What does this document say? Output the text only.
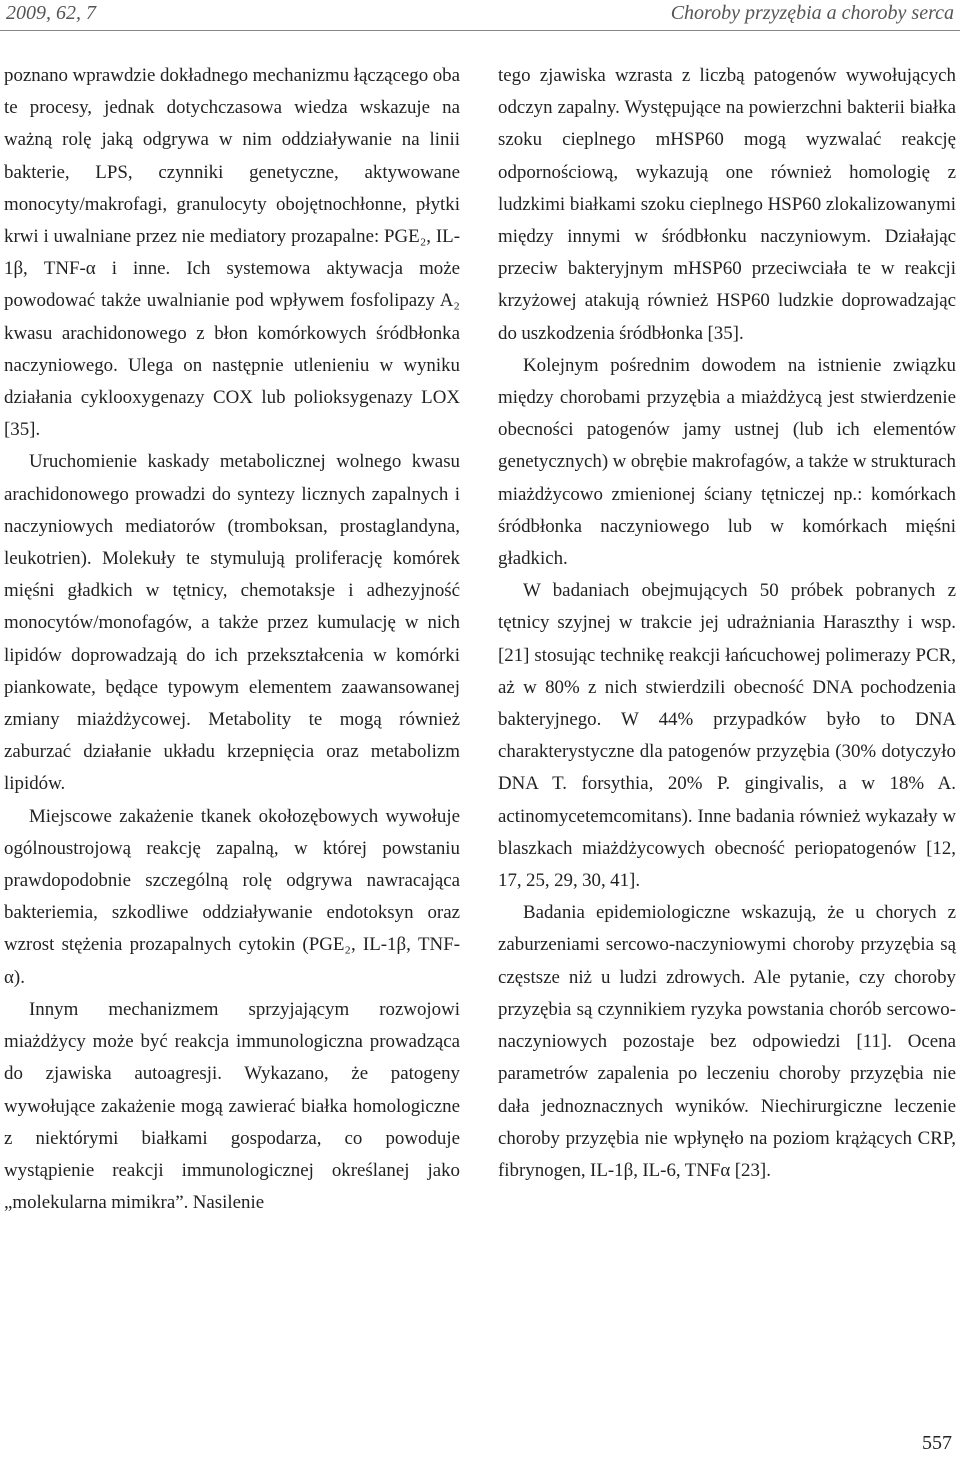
2009, 62, 7	Choroby przyzębia a choroby serca

poznano wprawdzie dokładnego mechanizmu łączącego oba te procesy, jednak dotychczasowa wiedza wskazuje na ważną rolę jaką odgrywa w nim oddziaływanie na linii bakterie, LPS, czynniki genetyczne, aktywowane monocyty/makrofagi, granulocyty obojętnochłonne, płytki krwi i uwalniane przez nie mediatory prozapalne: PGE₂, IL-1β, TNF-α i inne. Ich systemowa aktywacja może powodować także uwalnianie pod wpływem fosfolipazy A₂ kwasu arachidonowego z błon komórkowych śródbłonka naczyniowego. Ulega on następnie utlenieniu w wyniku działania cyklooxygenazy COX lub polioksygenazy LOX [35].

Uruchomienie kaskady metabolicznej wolnego kwasu arachidonowego prowadzi do syntezy licznych zapalnych i naczyniowych mediatorów (tromboksan, prostaglandyna, leukotrien). Molekuły te stymulują proliferację komórek mięśni gładkich w tętnicy, chemotaksje i adhezyjność monocytów/monofagów, a także przez kumulację w nich lipidów doprowadzają do ich przekształcenia w komórki piankowate, będące typowym elementem zaawansowanej zmiany miażdżycowej. Metabolity te mogą również zaburzać działanie układu krzepnięcia oraz metabolizm lipidów.

Miejscowe zakażenie tkanek okołozębowych wywołuje ogólnoustrojową reakcję zapalną, w której powstaniu prawdopodobnie szczególną rolę odgrywa nawracająca bakteriemia, szkodliwe oddziaływanie endotoksyn oraz wzrost stężenia prozapalnych cytokin (PGE₂, IL-1β, TNF-α).

Innym mechanizmem sprzyjającym rozwojowi miażdżycy może być reakcja immunologiczna prowadząca do zjawiska autoagresji. Wykazano, że patogeny wywołujące zakażenie mogą zawierać białka homologiczne z niektórymi białkami gospodarza, co powoduje wystąpienie reakcji immunologicznej określanej jako „molekularna mimikra”. Nasilenie

tego zjawiska wzrasta z liczbą patogenów wywołujących odczyn zapalny. Występujące na powierzchni bakterii białka szoku cieplnego mHSP60 mogą wyzwalać reakcję odpornościową, wykazują one również homologię z ludzkimi białkami szoku cieplnego HSP60 zlokalizowanymi między innymi w śródbłonku naczyniowym. Działając przeciw bakteryjnym mHSP60 przeciwciała te w reakcji krzyżowej atakują również HSP60 ludzkie doprowadzając do uszkodzenia śródbłonka [35].

Kolejnym pośrednim dowodem na istnienie związku między chorobami przyzębia a miażdżycą jest stwierdzenie obecności patogenów jamy ustnej (lub ich elementów genetycznych) w obrębie makrofagów, a także w strukturach miażdżycowo zmienionej ściany tętniczej np.: komórkach śródbłonka naczyniowego lub w komórkach mięśni gładkich.

W badaniach obejmujących 50 próbek pobranych z tętnicy szyjnej w trakcie jej udrażniania Haraszthy i wsp. [21] stosując technikę reakcji łańcuchowej polimerazy PCR, aż w 80% z nich stwierdzili obecność DNA pochodzenia bakteryjnego. W 44% przypadków było to DNA charakterystyczne dla patogenów przyzębia (30% dotyczyło DNA T. forsythia, 20% P. gingivalis, a w 18% A. actinomycetemcomitans). Inne badania również wykazały w blaszkach miażdżycowych obecność periopatogenów [12, 17, 25, 29, 30, 41].

Badania epidemiologiczne wskazują, że u chorych z zaburzeniami sercowo-naczyniowymi choroby przyzębia są częstsze niż u ludzi zdrowych. Ale pytanie, czy choroby przyzębia są czynnikiem ryzyka powstania chorób sercowo-naczyniowych pozostaje bez odpowiedzi [11]. Ocena parametrów zapalenia po leczeniu choroby przyzębia nie dała jednoznacznych wyników. Niechirurgiczne leczenie choroby przyzębia nie wpłynęło na poziom krążących CRP, fibrynogen, IL-1β, IL-6, TNFα [23].

557
